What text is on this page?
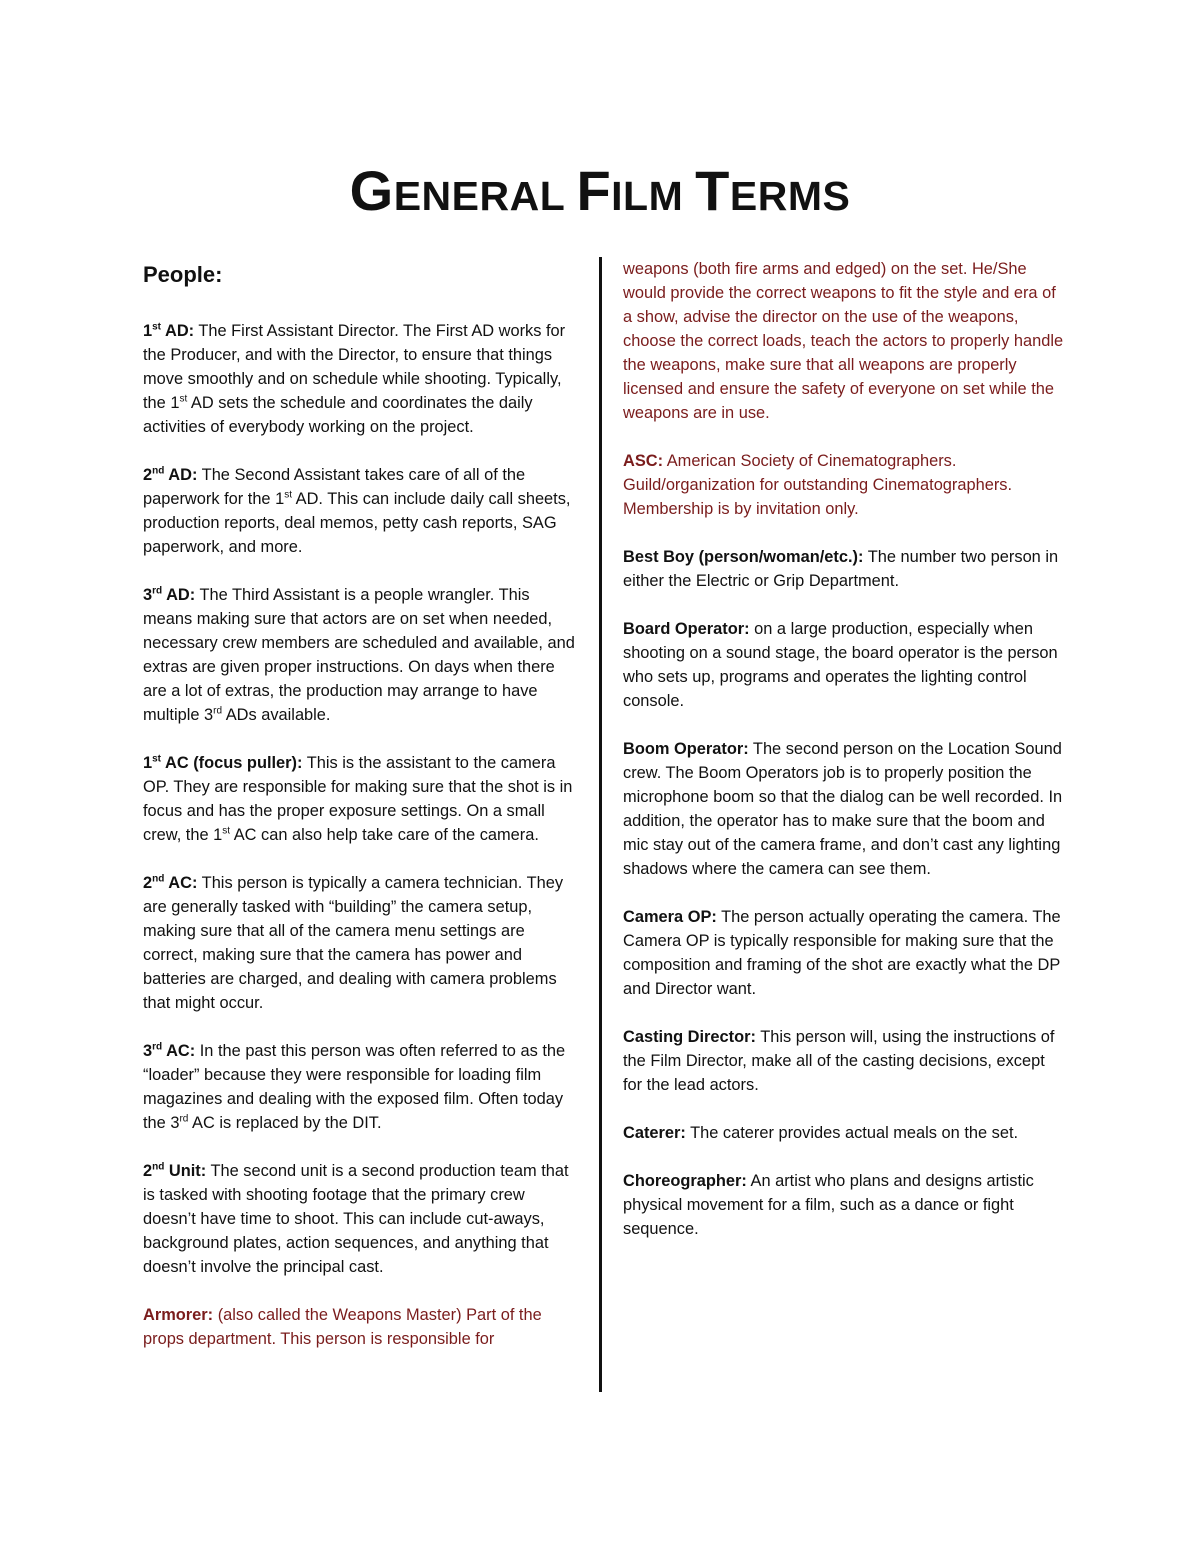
GENERAL FILM TERMS
People:
1st AD: The First Assistant Director. The First AD works for the Producer, and with the Director, to ensure that things move smoothly and on schedule while shooting. Typically, the 1st AD sets the schedule and coordinates the daily activities of everybody working on the project.
2nd AD: The Second Assistant takes care of all of the paperwork for the 1st AD. This can include daily call sheets, production reports, deal memos, petty cash reports, SAG paperwork, and more.
3rd AD: The Third Assistant is a people wrangler. This means making sure that actors are on set when needed, necessary crew members are scheduled and available, and extras are given proper instructions. On days when there are a lot of extras, the production may arrange to have multiple 3rd ADs available.
1st AC (focus puller): This is the assistant to the camera OP. They are responsible for making sure that the shot is in focus and has the proper exposure settings. On a small crew, the 1st AC can also help take care of the camera.
2nd AC: This person is typically a camera technician. They are generally tasked with “building” the camera setup, making sure that all of the camera menu settings are correct, making sure that the camera has power and batteries are charged, and dealing with camera problems that might occur.
3rd AC: In the past this person was often referred to as the “loader” because they were responsible for loading film magazines and dealing with the exposed film. Often today the 3rd AC is replaced by the DIT.
2nd Unit: The second unit is a second production team that is tasked with shooting footage that the primary crew doesn’t have time to shoot. This can include cut-aways, background plates, action sequences, and anything that doesn’t involve the principal cast.
Armorer: (also called the Weapons Master) Part of the props department. This person is responsible for
weapons (both fire arms and edged) on the set. He/She would provide the correct weapons to fit the style and era of a show, advise the director on the use of the weapons, choose the correct loads, teach the actors to properly handle the weapons, make sure that all weapons are properly licensed and ensure the safety of everyone on set while the weapons are in use.
ASC: American Society of Cinematographers. Guild/organization for outstanding Cinematographers. Membership is by invitation only.
Best Boy (person/woman/etc.): The number two person in either the Electric or Grip Department.
Board Operator: on a large production, especially when shooting on a sound stage, the board operator is the person who sets up, programs and operates the lighting control console.
Boom Operator: The second person on the Location Sound crew. The Boom Operators job is to properly position the microphone boom so that the dialog can be well recorded. In addition, the operator has to make sure that the boom and mic stay out of the camera frame, and don’t cast any lighting shadows where the camera can see them.
Camera OP: The person actually operating the camera. The Camera OP is typically responsible for making sure that the composition and framing of the shot are exactly what the DP and Director want.
Casting Director: This person will, using the instructions of the Film Director, make all of the casting decisions, except for the lead actors.
Caterer: The caterer provides actual meals on the set.
Choreographer: An artist who plans and designs artistic physical movement for a film, such as a dance or fight sequence.
